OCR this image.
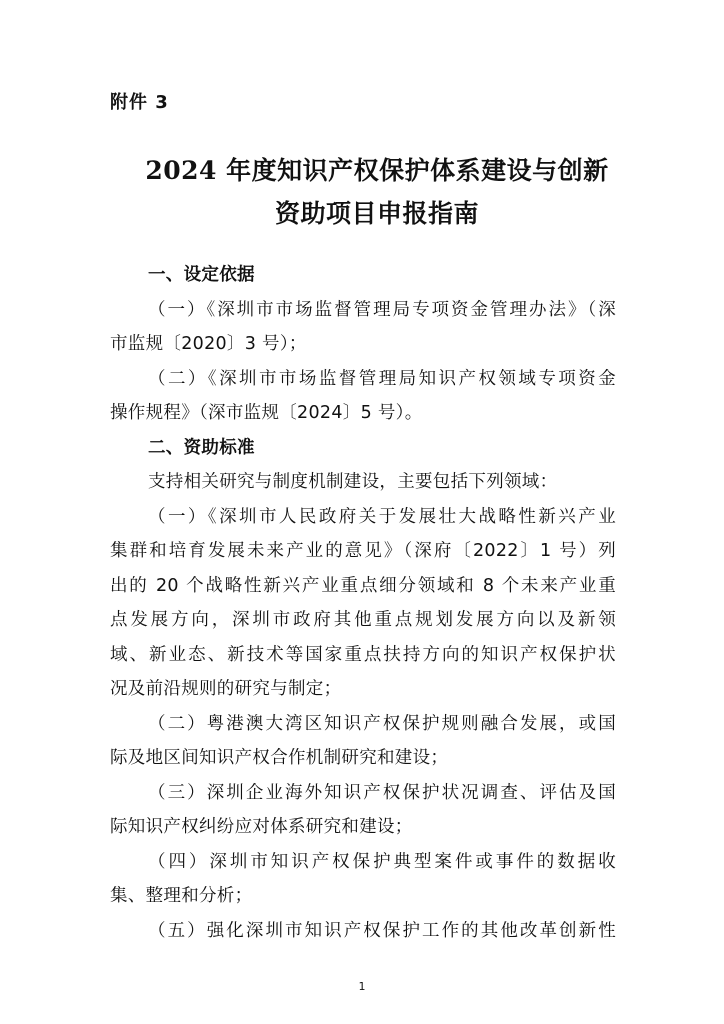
附件 3
2024 年度知识产权保护体系建设与创新
资助项目申报指南
一、设定依据
（一）《深圳市市场监督管理局专项资金管理办法》（深
市监规〔2020〕3 号）；
（二）《深圳市市场监督管理局知识产权领域专项资金
操作规程》（深市监规〔2024〕5 号）。
二、资助标准
支持相关研究与制度机制建设，主要包括下列领域：
（一）《深圳市人民政府关于发展壮大战略性新兴产业
集群和培育发展未来产业的意见》（深府〔2022〕1 号）列
出的 20 个战略性新兴产业重点细分领域和 8 个未来产业重
点发展方向，深圳市政府其他重点规划发展方向以及新领
域、新业态、新技术等国家重点扶持方向的知识产权保护状
况及前沿规则的研究与制定；
（二）粤港澳大湾区知识产权保护规则融合发展，或国
际及地区间知识产权合作机制研究和建设；
（三）深圳企业海外知识产权保护状况调查、评估及国
际知识产权纠纷应对体系研究和建设；
（四）深圳市知识产权保护典型案件或事件的数据收
集、整理和分析；
（五）强化深圳市知识产权保护工作的其他改革创新性
1
